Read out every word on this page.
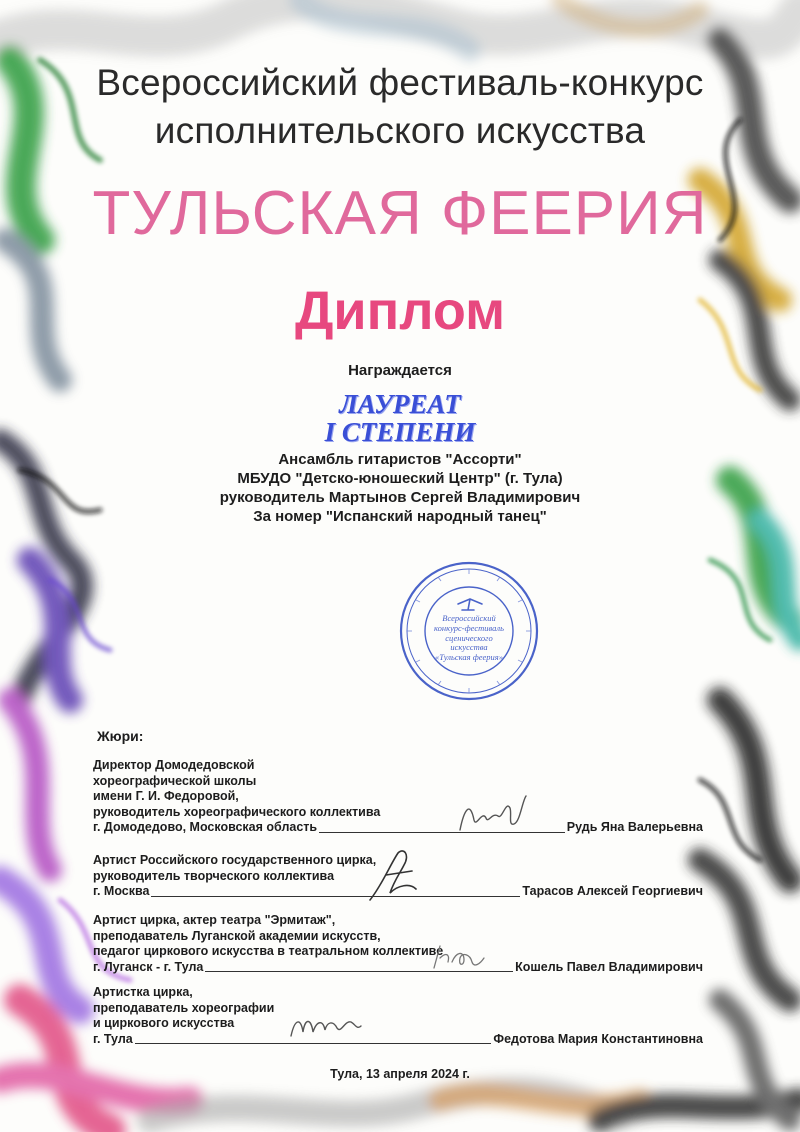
Всероссийский фестиваль-конкурс
исполнительского искусства
ТУЛЬСКАЯ ФЕЕРИЯ
Диплом
Награждается
ЛАУРЕАТ
I СТЕПЕНИ
Ансамбль гитаристов "Ассорти"
МБУДО "Детско-юношеский Центр" (г. Тула)
руководитель Мартынов Сергей Владимирович
За номер "Испанский народный танец"
Всероссийский
конкурс-фестиваль
сценического
искусства
«Тульская феерия»
Жюри:
Директор Домодедовской
хореографической школы
имени Г. И. Федоровой,
руководитель хореографического коллектива
г. Домодедово, Московская область	Рудь Яна Валерьевна
Артист Российского государственного цирка,
руководитель творческого коллектива
г. Москва	Тарасов Алексей Георгиевич
Артист цирка, актер театра "Эрмитаж",
преподаватель Луганской академии искусств,
педагог циркового искусства в театральном коллективе
г. Луганск - г. Тула	Кошель Павел Владимирович
Артистка цирка,
преподаватель хореографии
и циркового искусства
г. Тула	Федотова Мария Константиновна
Тула, 13 апреля 2024 г.
